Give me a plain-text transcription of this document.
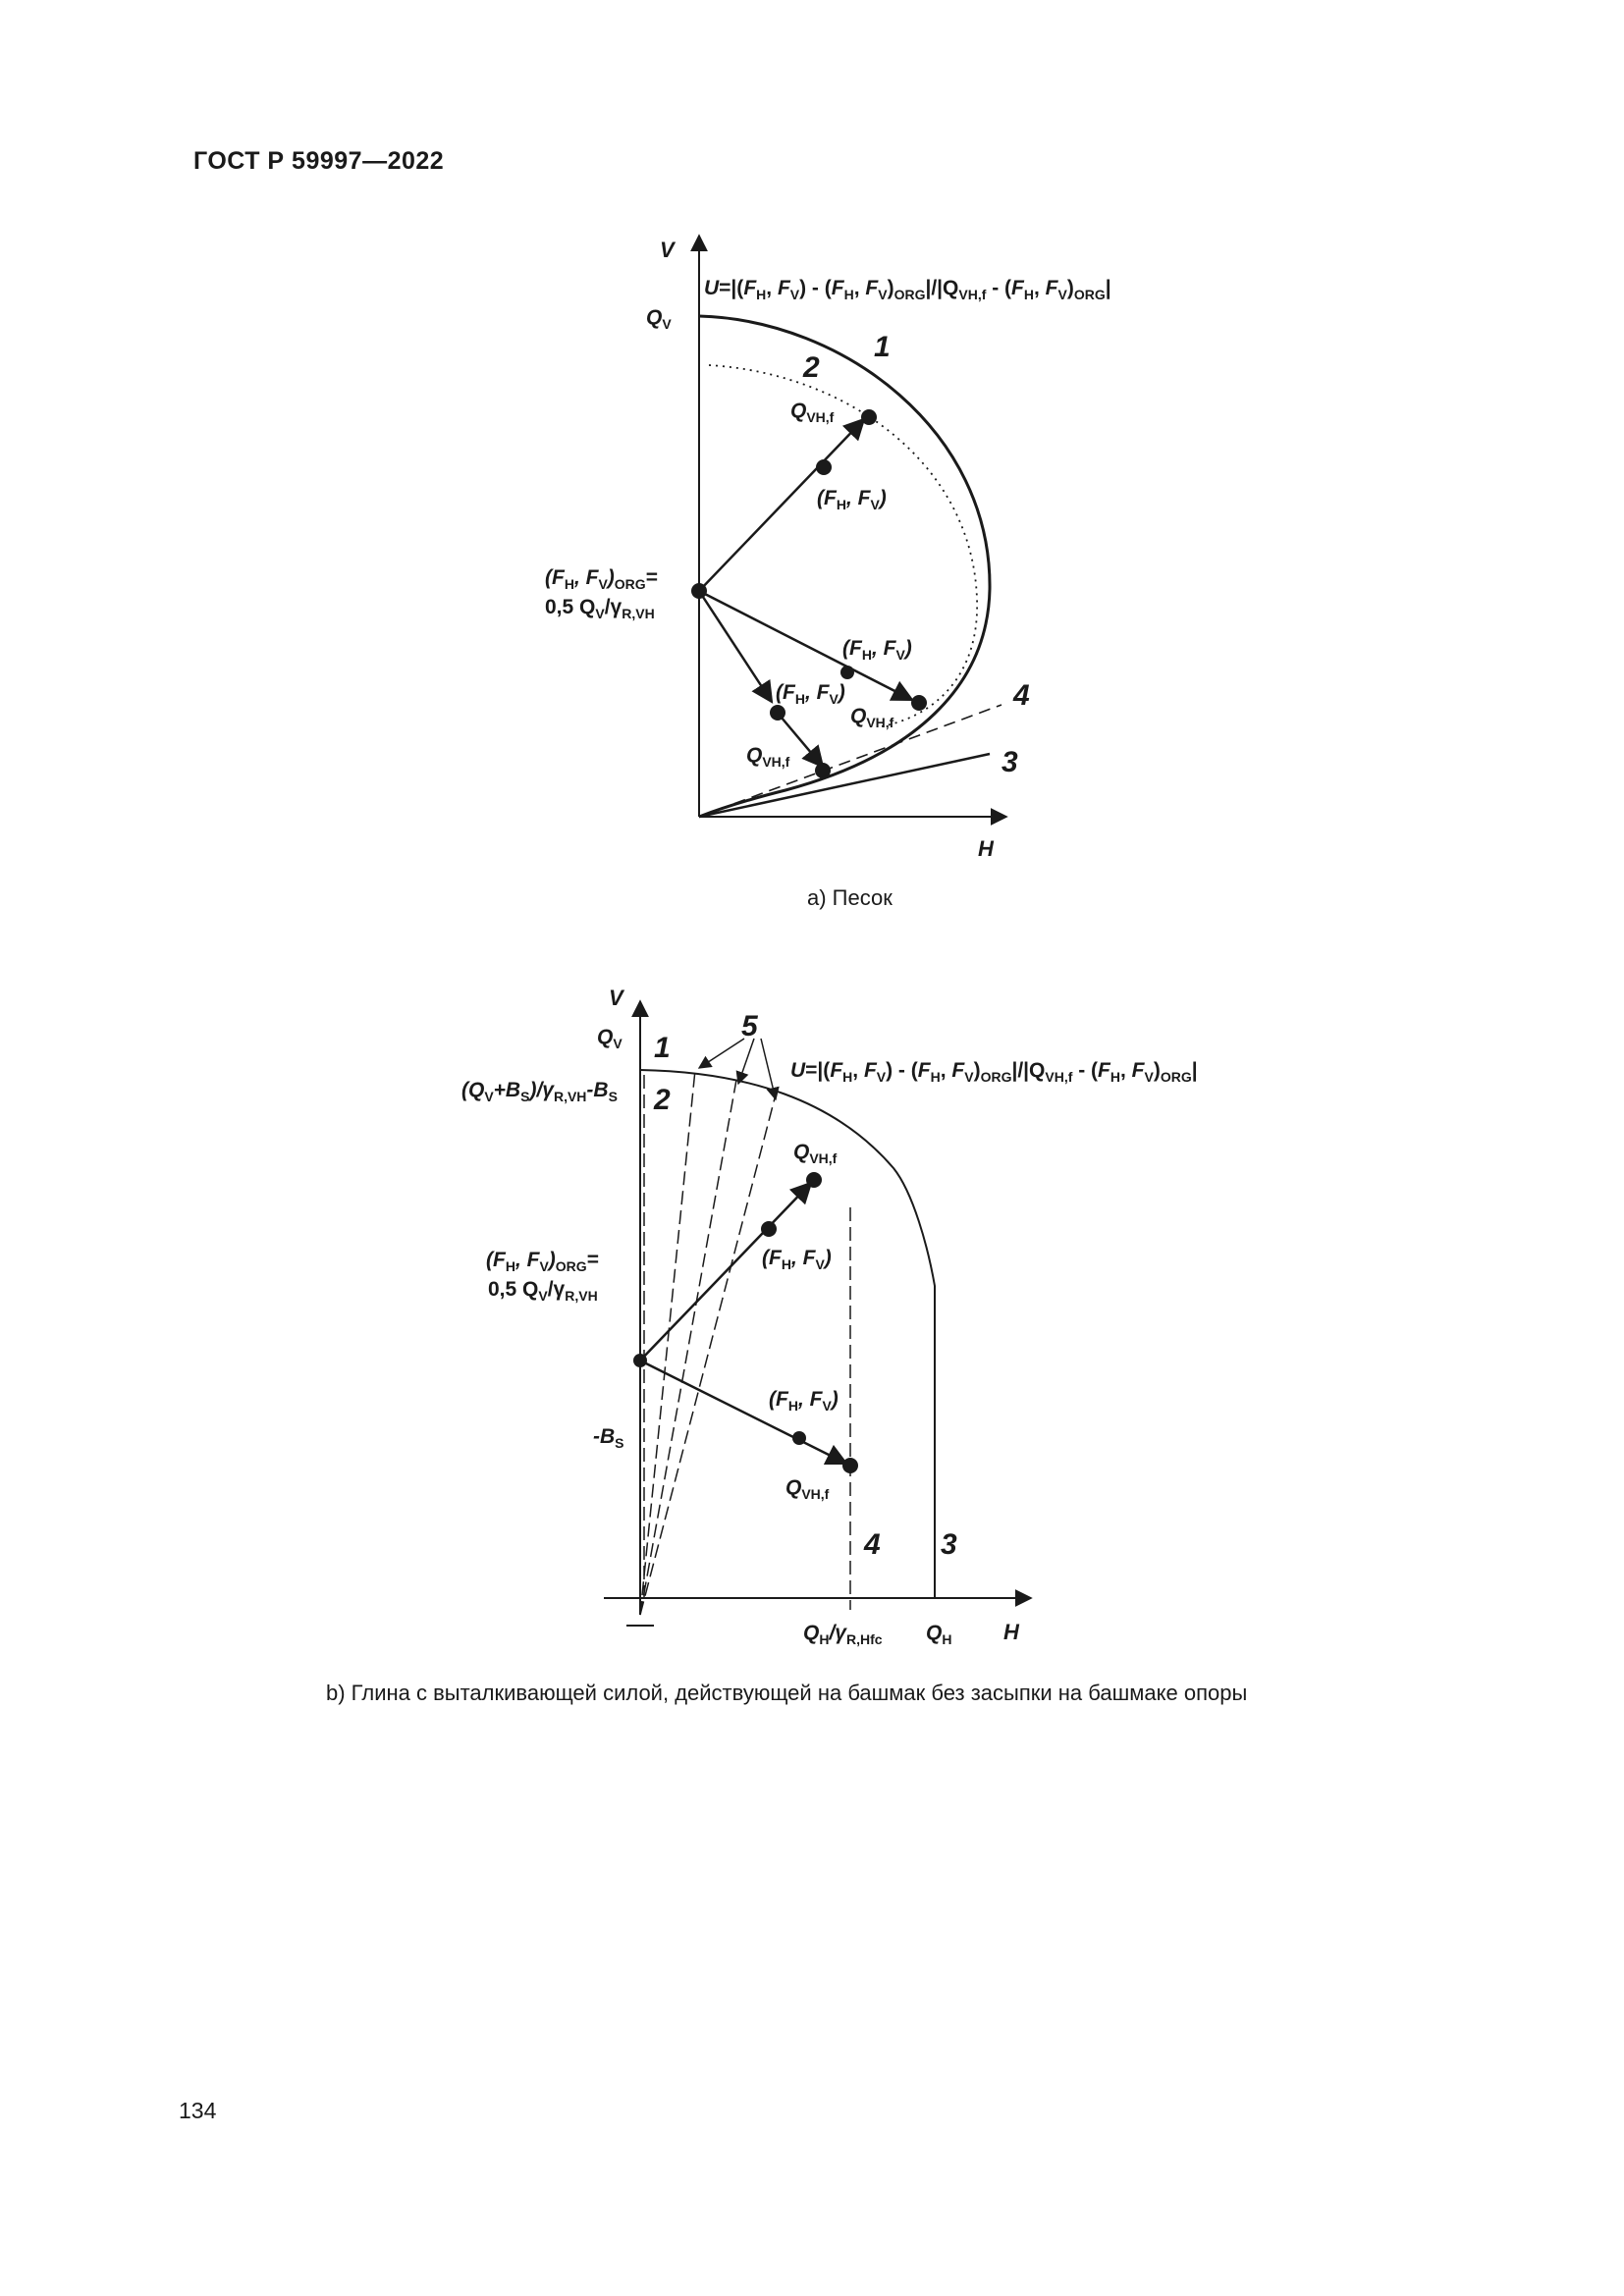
ГОСТ Р 59997—2022
V
H
$U=|(F_H$, $F_V) - (F_H$, $F_V)_{ORG}|/|Q_{VH,f} - (F_H$, $F_V)_{ORG}|$
$Q_V$
1
2
3
4
$Q_{VH,f}$
($F_H$, $F_V$)
($F_H$, $F_V$)
$Q_{VH,f}$
($F_H$, $F_V$)
$Q_{VH,f}$
($F_H$, $F_V)_{ORG}=$
0,5 $Q_V/\gamma_{R,VH}$
a) Песок
V
H
$U=|(F_H$, $F_V) - (F_H$, $F_V)_{ORG}|/|Q_{VH,f} - (F_H$, $F_V)_{ORG}|$
$Q_V$
$(Q_V+B_S)/\gamma_{R,VH}-B_S$
($F_H$, $F_V)_{ORG}=$
0,5 $Q_V/\gamma_{R,VH}$
$-B_S$
1
2
3
4
5
$Q_{VH,f}$
($F_H$, $F_V$)
($F_H$, $F_V$)
$Q_{VH,f}$
$Q_H/\gamma_{R,Hfc}$ $Q_H$
b) Глина с выталкивающей силой, действующей на башмак без засыпки на башмаке опоры
134
